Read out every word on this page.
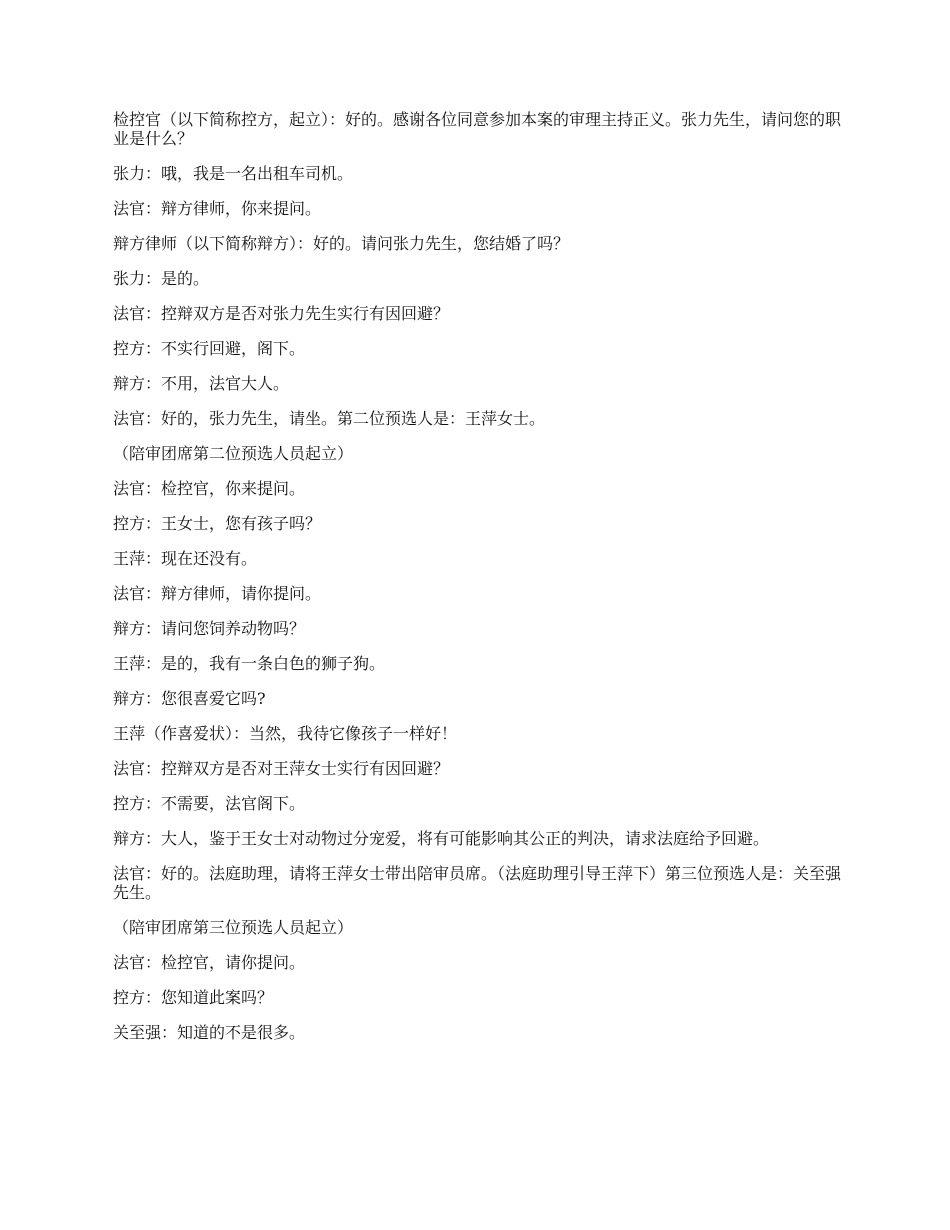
检控官（以下简称控方，起立）：好的。感谢各位同意参加本案的审理主持正义。张力先生，请问您的职业是什么？

张力：哦，我是一名出租车司机。

法官：辩方律师，你来提问。

辩方律师（以下简称辩方）：好的。请问张力先生，您结婚了吗？

张力：是的。

法官：控辩双方是否对张力先生实行有因回避？

控方：不实行回避，阁下。

辩方：不用，法官大人。

法官：好的，张力先生，请坐。第二位预选人是：王萍女士。

（陪审团席第二位预选人员起立）

法官：检控官，你来提问。

控方：王女士，您有孩子吗？

王萍：现在还没有。

法官：辩方律师，请你提问。

辩方：请问您饲养动物吗？

王萍：是的，我有一条白色的狮子狗。

辩方：您很喜爱它吗?

王萍（作喜爱状）：当然，我待它像孩子一样好！

法官：控辩双方是否对王萍女士实行有因回避？

控方：不需要，法官阁下。

辩方：大人，鉴于王女士对动物过分宠爱，将有可能影响其公正的判决，请求法庭给予回避。

法官：好的。法庭助理，请将王萍女士带出陪审员席。（法庭助理引导王萍下）第三位预选人是：关至强先生。

（陪审团席第三位预选人员起立）

法官：检控官，请你提问。

控方：您知道此案吗？

关至强：知道的不是很多。
